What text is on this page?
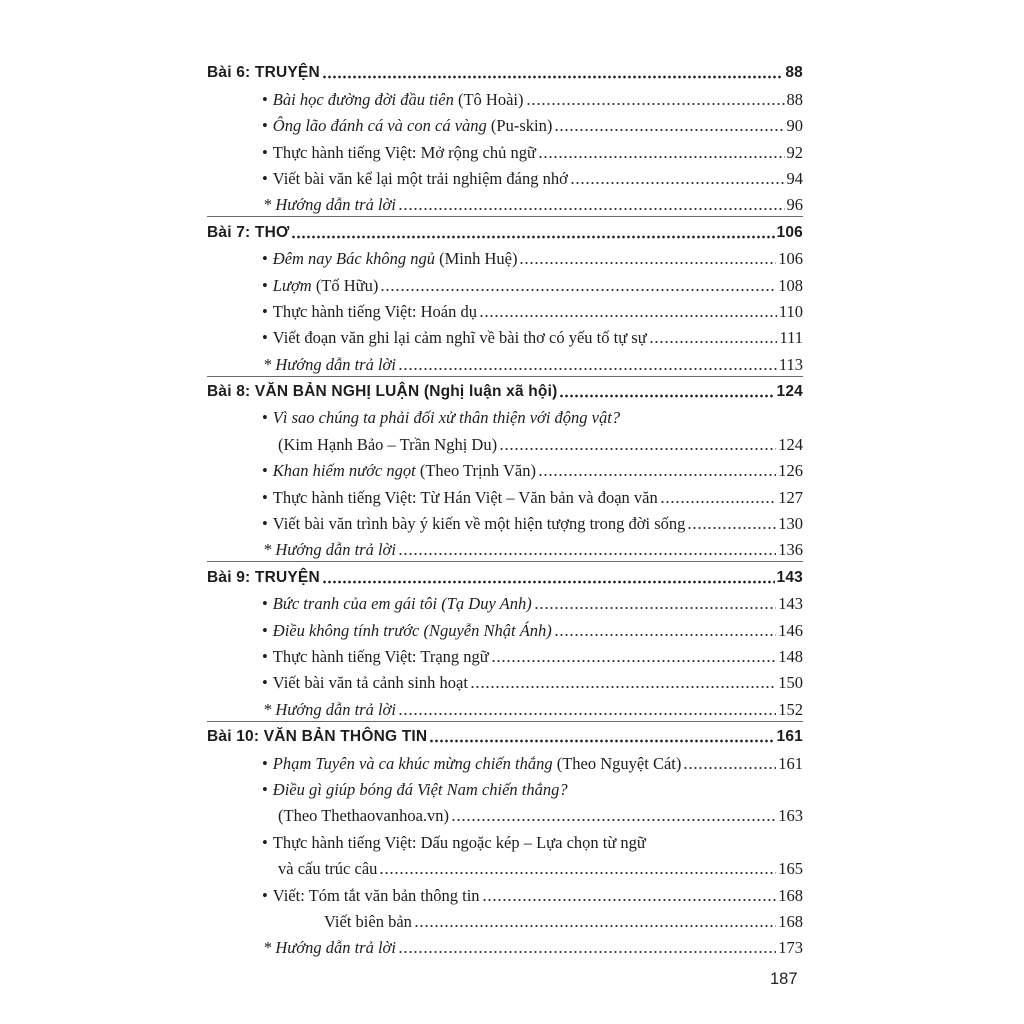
Bài 6: TRUYỆN	88
• Bài học đường đời đầu tiên (Tô Hoài)	88
• Ông lão đánh cá và con cá vàng (Pu-skin)	90
• Thực hành tiếng Việt: Mở rộng chủ ngữ	92
• Viết bài văn kể lại một trải nghiệm đáng nhớ	94
* Hướng dẫn trả lời	96
Bài 7: THƠ	106
• Đêm nay Bác không ngủ (Minh Huệ)	106
• Lượm (Tố Hữu)	108
• Thực hành tiếng Việt: Hoán dụ	110
• Viết đoạn văn ghi lại cảm nghĩ về bài thơ có yếu tố tự sự	111
* Hướng dẫn trả lời	113
Bài 8: VĂN BẢN NGHỊ LUẬN (Nghị luận xã hội)	124
• Vì sao chúng ta phải đối xử thân thiện với động vật?
(Kim Hạnh Bảo – Trần Nghị Du)	124
• Khan hiếm nước ngọt (Theo Trịnh Văn)	126
• Thực hành tiếng Việt: Từ Hán Việt – Văn bản và đoạn văn	127
• Viết bài văn trình bày ý kiến về một hiện tượng trong đời sống	130
* Hướng dẫn trả lời	136
Bài 9: TRUYỆN	143
• Bức tranh của em gái tôi (Tạ Duy Anh)	143
• Điều không tính trước (Nguyễn Nhật Ánh)	146
• Thực hành tiếng Việt: Trạng ngữ	148
• Viết bài văn tả cảnh sinh hoạt	150
* Hướng dẫn trả lời	152
Bài 10: VĂN BẢN THÔNG TIN	161
• Phạm Tuyên và ca khúc mừng chiến thắng (Theo Nguyệt Cát)	161
• Điều gì giúp bóng đá Việt Nam chiến thắng?
(Theo Thethaovanhoa.vn)	163
• Thực hành tiếng Việt: Dấu ngoặc kép – Lựa chọn từ ngữ
và cấu trúc câu	165
• Viết: Tóm tắt văn bản thông tin	168
Viết biên bản	168
* Hướng dẫn trả lời	173
187
